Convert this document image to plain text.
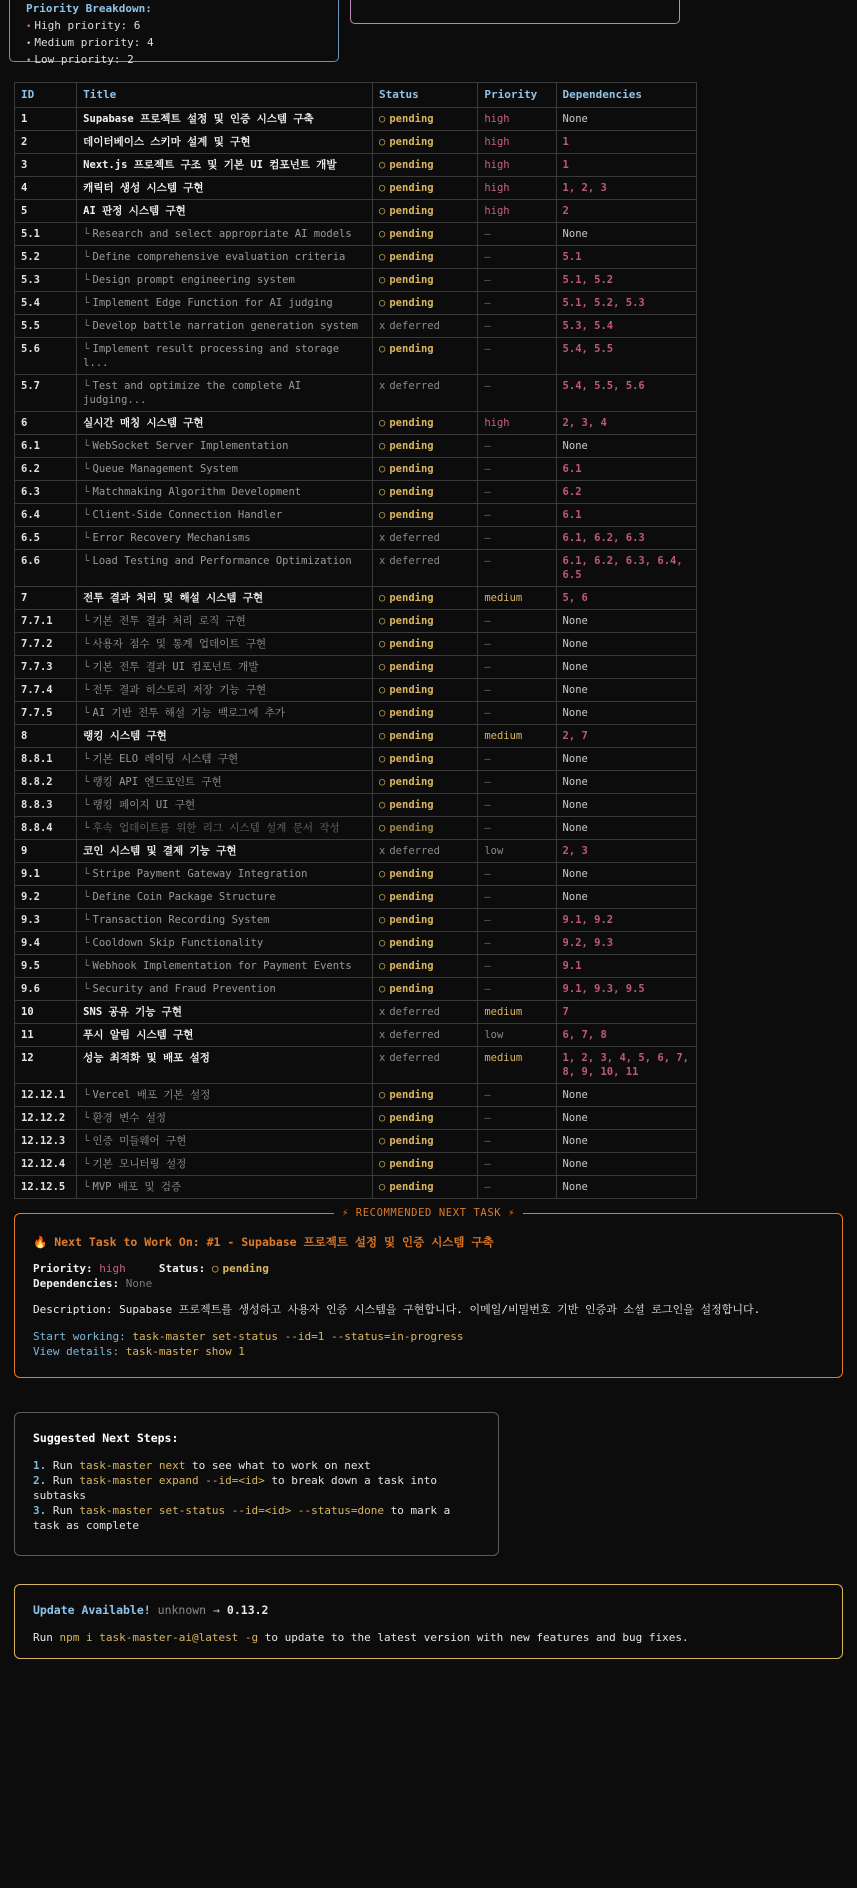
Priority Breakdown:
• High priority: 6
• Medium priority: 4
• Low priority: 2

ID	Title	Status	Priority	Dependencies
1	Supabase 프로젝트 설정 및 인증 시스템 구축	○ pending	high	None
2	데이터베이스 스키마 설계 및 구현	○ pending	high	1
3	Next.js 프로젝트 구조 및 기본 UI 컴포넌트 개발	○ pending	high	1
4	캐릭터 생성 시스템 구현	○ pending	high	1, 2, 3
5	AI 판정 시스템 구현	○ pending	high	2
5.1	└ Research and select appropriate AI models	○ pending	–	None
5.2	└ Define comprehensive evaluation criteria	○ pending	–	5.1
5.3	└ Design prompt engineering system	○ pending	–	5.1, 5.2
5.4	└ Implement Edge Function for AI judging	○ pending	–	5.1, 5.2, 5.3
5.5	└ Develop battle narration generation system	x deferred	–	5.3, 5.4
5.6	└ Implement result processing and storage l...	○ pending	–	5.4, 5.5
5.7	└ Test and optimize the complete AI judging...	x deferred	–	5.4, 5.5, 5.6
6	실시간 매칭 시스템 구현	○ pending	high	2, 3, 4
6.1	└ WebSocket Server Implementation	○ pending	–	None
6.2	└ Queue Management System	○ pending	–	6.1
6.3	└ Matchmaking Algorithm Development	○ pending	–	6.2
6.4	└ Client-Side Connection Handler	○ pending	–	6.1
6.5	└ Error Recovery Mechanisms	x deferred	–	6.1, 6.2, 6.3
6.6	└ Load Testing and Performance Optimization	x deferred	–	6.1, 6.2, 6.3, 6.4, 6.5
7	전투 결과 처리 및 해설 시스템 구현	○ pending	medium	5, 6
7.7.1	└ 기본 전투 결과 처리 로직 구현	○ pending	–	None
7.7.2	└ 사용자 점수 및 통계 업데이트 구현	○ pending	–	None
7.7.3	└ 기본 전투 결과 UI 컴포넌트 개발	○ pending	–	None
7.7.4	└ 전투 결과 히스토리 저장 기능 구현	○ pending	–	None
7.7.5	└ AI 기반 전투 해설 기능 백로그에 추가	○ pending	–	None
8	랭킹 시스템 구현	○ pending	medium	2, 7
8.8.1	└ 기본 ELO 레이팅 시스템 구현	○ pending	–	None
8.8.2	└ 랭킹 API 엔드포인트 구현	○ pending	–	None
8.8.3	└ 랭킹 페이지 UI 구현	○ pending	–	None
8.8.4	└ 후속 업데이트를 위한 리그 시스템 설계 문서 작성	○ pending	–	None
9	코인 시스템 및 결제 기능 구현	x deferred	low	2, 3
9.1	└ Stripe Payment Gateway Integration	○ pending	–	None
9.2	└ Define Coin Package Structure	○ pending	–	None
9.3	└ Transaction Recording System	○ pending	–	9.1, 9.2
9.4	└ Cooldown Skip Functionality	○ pending	–	9.2, 9.3
9.5	└ Webhook Implementation for Payment Events	○ pending	–	9.1
9.6	└ Security and Fraud Prevention	○ pending	–	9.1, 9.3, 9.5
10	SNS 공유 기능 구현	x deferred	medium	7
11	푸시 알림 시스템 구현	x deferred	low	6, 7, 8
12	성능 최적화 및 배포 설정	x deferred	medium	1, 2, 3, 4, 5, 6, 7, 8, 9, 10, 11
12.12.1	└ Vercel 배포 기본 설정	○ pending	–	None
12.12.2	└ 환경 변수 설정	○ pending	–	None
12.12.3	└ 인증 미들웨어 구현	○ pending	–	None
12.12.4	└ 기본 모니터링 설정	○ pending	–	None
12.12.5	└ MVP 배포 및 검증	○ pending	–	None
⚡ RECOMMENDED NEXT TASK ⚡
🔥 Next Task to Work On: #1 - Supabase 프로젝트 설정 및 인증 시스템 구축
Priority: high	Status: ○ pending
Dependencies: None
Description: Supabase 프로젝트를 생성하고 사용자 인증 시스템을 구현합니다. 이메일/비밀번호 기반 인증과 소셜 로그인을 설정합니다.
Start working: task-master set-status --id=1 --status=in-progress
View details: task-master show 1
Suggested Next Steps:
1. Run task-master next to see what to work on next
2. Run task-master expand --id=<id> to break down a task into subtasks
3. Run task-master set-status --id=<id> --status=done to mark a task as complete
Update Available! unknown → 0.13.2
Run npm i task-master-ai@latest -g to update to the latest version with new features and bug fixes.
